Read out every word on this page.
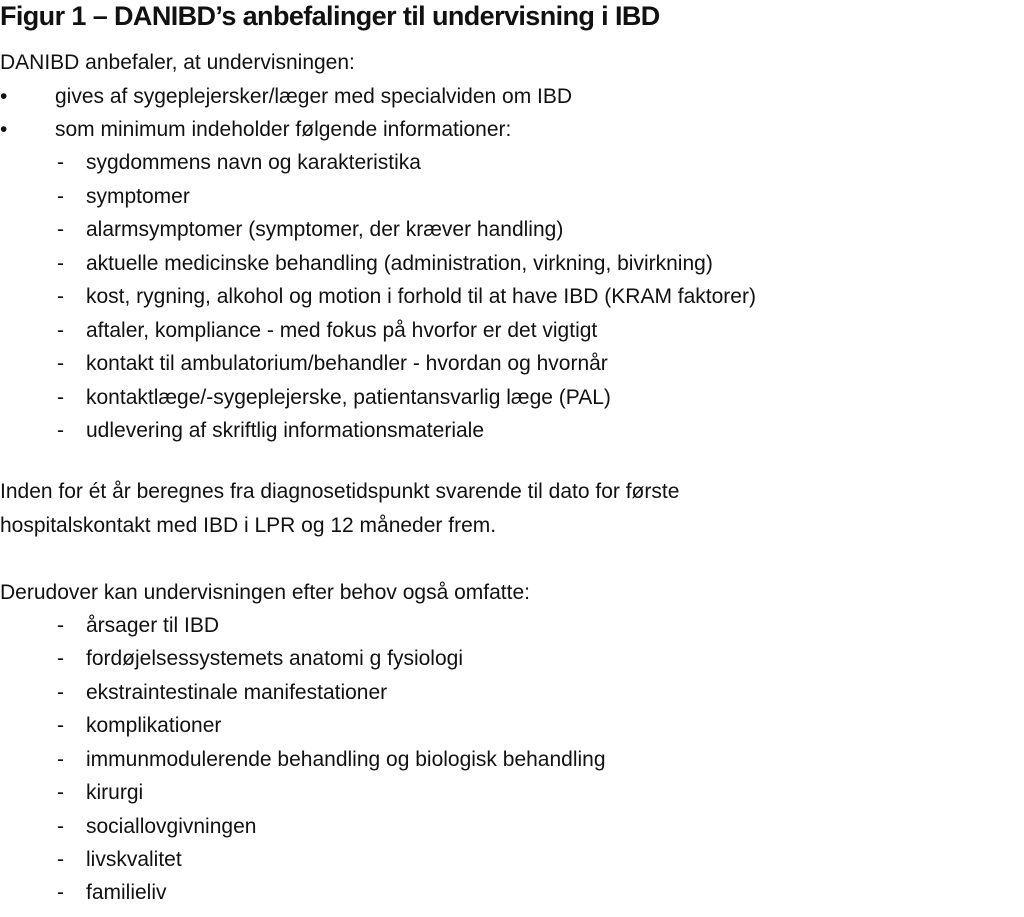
Figur 1 – DANIBD’s anbefalinger til undervisning i IBD

DANIBD anbefaler, at undervisningen:

• gives af sygeplejersker/læger med specialviden om IBD
• som minimum indeholder følgende informationer:
- sygdommens navn og karakteristika
- symptomer
- alarmsymptomer (symptomer, der kræver handling)
- aktuelle medicinske behandling (administration, virkning, bivirkning)
- kost, rygning, alkohol og motion i forhold til at have IBD (KRAM faktorer)
- aftaler, kompliance - med fokus på hvorfor er det vigtigt
- kontakt til ambulatorium/behandler - hvordan og hvornår
- kontaktlæge/-sygeplejerske, patientansvarlig læge (PAL)
- udlevering af skriftlig informationsmateriale

Inden for ét år beregnes fra diagnosetidspunkt svarende til dato for første

hospitalskontakt med IBD i LPR og 12 måneder frem.

Derudover kan undervisningen efter behov også omfatte:

- årsager til IBD
- fordøjelsessystemets anatomi g fysiologi
- ekstraintestinale manifestationer
- komplikationer
- immunmodulerende behandling og biologisk behandling
- kirurgi
- sociallovgivningen
- livskvalitet
- familieliv
